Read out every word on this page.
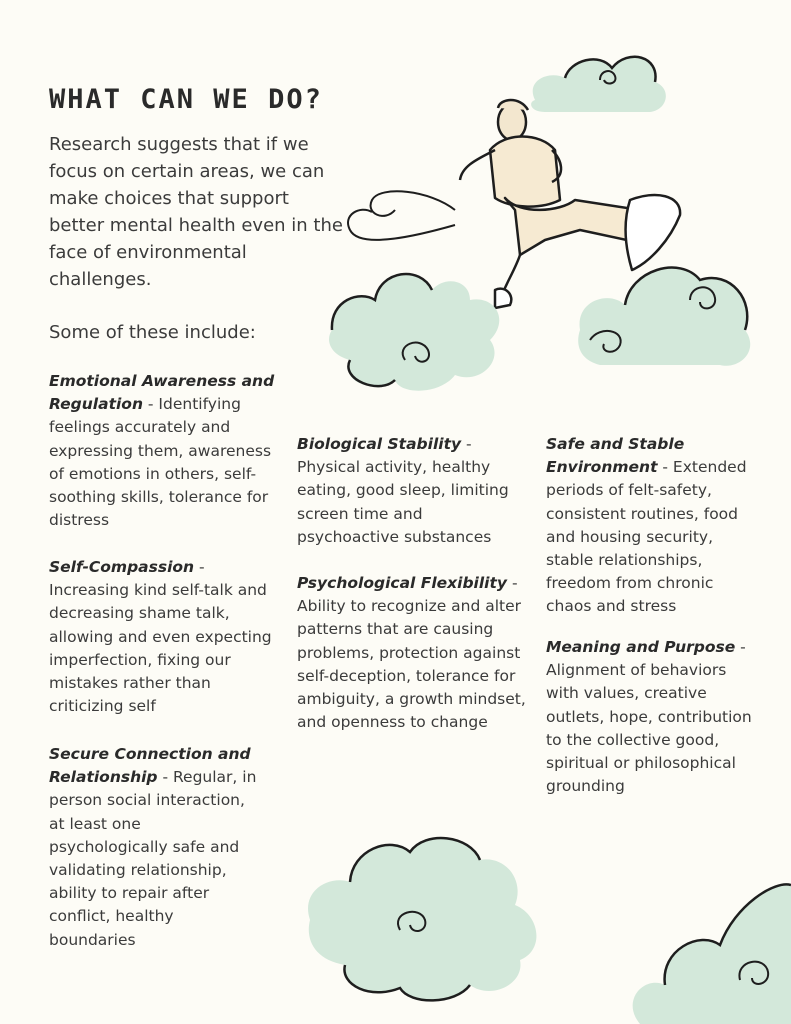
WHAT CAN WE DO?

Research suggests that if we focus on certain areas, we can make choices that support better mental health even in the face of environmental challenges.

Some of these include:

Emotional Awareness and Regulation - Identifying feelings accurately and expressing them, awareness of emotions in others, self-soothing skills, tolerance for distress

Self-Compassion - Increasing kind self-talk and decreasing shame talk, allowing and even expecting imperfection, fixing our mistakes rather than criticizing self

Secure Connection and Relationship - Regular, in person social interaction, at least one psychologically safe and validating relationship, ability to repair after conflict, healthy boundaries

Biological Stability - Physical activity, healthy eating, good sleep, limiting screen time and psychoactive substances

Psychological Flexibility - Ability to recognize and alter patterns that are causing problems, protection against self-deception, tolerance for ambiguity, a growth mindset, and openness to change

Safe and Stable Environment - Extended periods of felt-safety, consistent routines, food and housing security, stable relationships, freedom from chronic chaos and stress

Meaning and Purpose - Alignment of behaviors with values, creative outlets, hope, contribution to the collective good, spiritual or philosophical grounding
